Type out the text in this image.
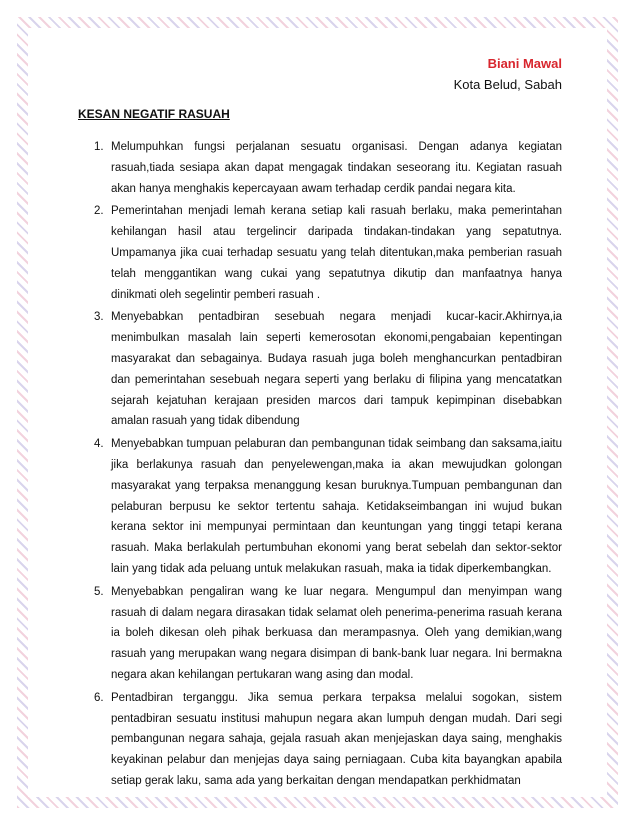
Biani Mawal
Kota Belud, Sabah
KESAN NEGATIF RASUAH
1. Melumpuhkan fungsi perjalanan sesuatu organisasi. Dengan adanya kegiatan rasuah,tiada sesiapa akan dapat mengagak tindakan seseorang itu. Kegiatan rasuah akan hanya menghakis kepercayaan awam terhadap cerdik pandai negara kita.
2. Pemerintahan menjadi lemah kerana setiap kali rasuah berlaku, maka pemerintahan kehilangan hasil atau tergelincir daripada tindakan-tindakan yang sepatutnya. Umpamanya jika cuai terhadap sesuatu yang telah ditentukan,maka pemberian rasuah telah menggantikan wang cukai yang sepatutnya dikutip dan manfaatnya hanya dinikmati oleh segelintir pemberi rasuah .
3. Menyebabkan pentadbiran sesebuah negara menjadi kucar-kacir.Akhirnya,ia menimbulkan masalah lain seperti kemerosotan ekonomi,pengabaian kepentingan masyarakat dan sebagainya. Budaya rasuah juga boleh menghancurkan pentadbiran dan pemerintahan sesebuah negara seperti yang berlaku di filipina yang mencatatkan sejarah kejatuhan kerajaan presiden marcos dari tampuk kepimpinan disebabkan amalan rasuah yang tidak dibendung
4. Menyebabkan tumpuan pelaburan dan pembangunan tidak seimbang dan saksama,iaitu jika berlakunya rasuah dan penyelewengan,maka ia akan mewujudkan golongan masyarakat yang terpaksa menanggung kesan buruknya.Tumpuan pembangunan dan pelaburan berpusu ke sektor tertentu sahaja. Ketidakseimbangan ini wujud bukan kerana sektor ini mempunyai permintaan dan keuntungan yang tinggi tetapi kerana rasuah. Maka berlakulah pertumbuhan ekonomi yang berat sebelah dan sektor-sektor lain yang tidak ada peluang untuk melakukan rasuah, maka ia tidak diperkembangkan.
5. Menyebabkan pengaliran wang ke luar negara. Mengumpul dan menyimpan wang rasuah di dalam negara dirasakan tidak selamat oleh penerima-penerima rasuah kerana ia boleh dikesan oleh pihak berkuasa dan merampasnya. Oleh yang demikian,wang rasuah yang merupakan wang negara disimpan di bank-bank luar negara. Ini bermakna negara akan kehilangan pertukaran wang asing dan modal.
6. Pentadbiran terganggu. Jika semua perkara terpaksa melalui sogokan, sistem pentadbiran sesuatu institusi mahupun negara akan lumpuh dengan mudah. Dari segi pembangunan negara sahaja, gejala rasuah akan menjejaskan daya saing, menghakis keyakinan pelabur dan menjejas daya saing perniagaan. Cuba kita bayangkan apabila setiap gerak laku, sama ada yang berkaitan dengan mendapatkan perkhidmatan
